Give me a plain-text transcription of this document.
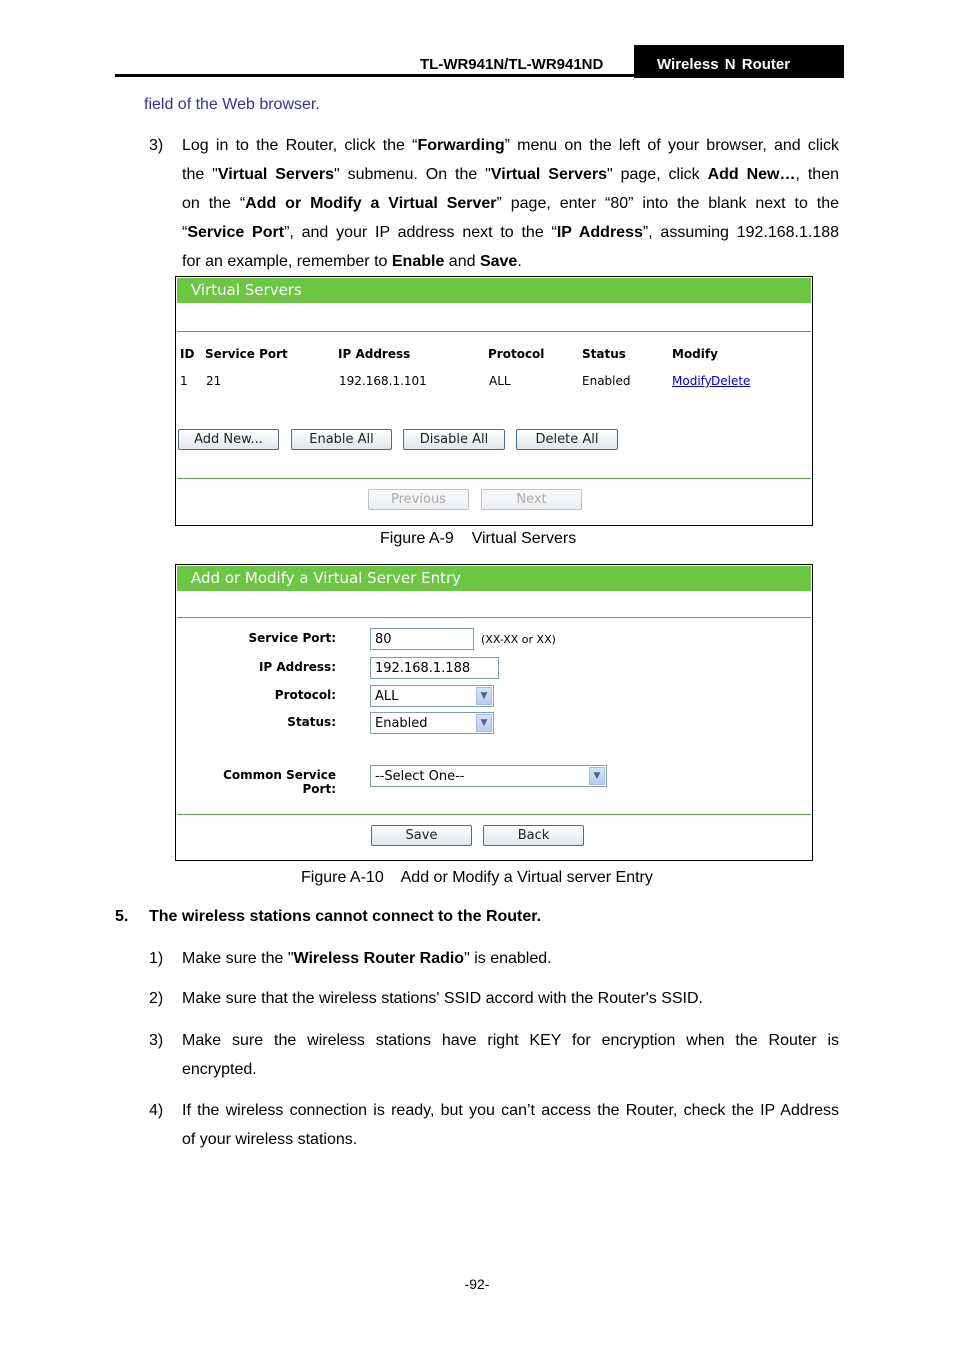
TL-WR941N/TL-WR941ND	Wireless N Router
field of the Web browser.
3) Log in to the Router, click the “Forwarding” menu on the left of your browser, and click
the "Virtual Servers" submenu. On the "Virtual Servers" page, click Add New…, then
on the “Add or Modify a Virtual Server” page, enter “80” into the blank next to the
“Service Port”, and your IP address next to the “IP Address”, assuming 192.168.1.188
for an example, remember to Enable and Save.
Virtual Servers
ID Service Port	IP Address	Protocol	Status	Modify
1 21	192.168.1.101	ALL	Enabled	Modify Delete
Add New...	Enable All	Disable All	Delete All
Previous	Next
Figure A-9 Virtual Servers
Add or Modify a Virtual Server Entry
Service Port:	80	(XX-XX or XX)
IP Address:	192.168.1.188
Protocol:	ALL	▼
Status:	Enabled	▼
Common Service Port:
--Select One--	▼
Save	Back
Figure A-10 Add or Modify a Virtual server Entry
5. The wireless stations cannot connect to the Router.
1) Make sure the "Wireless Router Radio" is enabled.
2) Make sure that the wireless stations' SSID accord with the Router's SSID.
3) Make sure the wireless stations have right KEY for encryption when the Router is
encrypted.
4) If the wireless connection is ready, but you can’t access the Router, check the IP Address
of your wireless stations.
-92-
